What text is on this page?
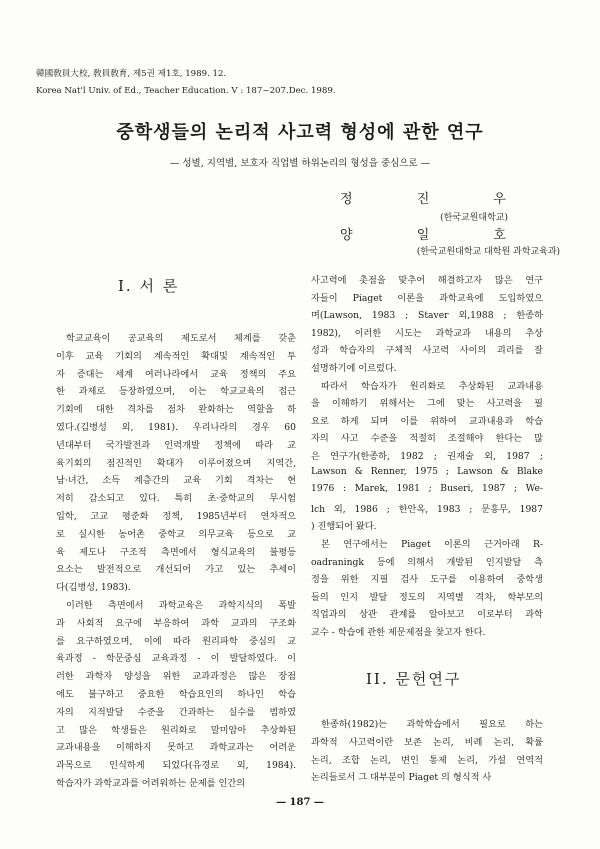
韓國敎員大校, 敎員敎育, 제5권 제1호, 1989. 12.
Korea Nat'l Univ. of Ed., Teacher Education. V : 187~207.Dec. 1989.
중학생들의 논리적 사고력 형성에 관한 연구
— 성별, 지역별, 보호자 직업별 하위논리의 형성을 중심으로 —
정 진 우
(한국교원대학교)
양 일 호
(한국교원대학교 대학원 과학교육과)
I. 서 론
II. 문헌연구
학교교육이 공교육의 제도로서 체계를 갖춘
이후 교육 기회의 계속적인 확대및 계속적인 투
자 증대는 세계 여러나라에서 교육 정책의 주요
한 과제로 등장하였으며, 이는 학교교육의 접근
기회에 대한 격차를 점차 완화하는 역할을 하
였다.(김병성 외, 1981). 우리나라의 경우 60
년대부터 국가발전과 인력개발 정책에 따라 교
육기회의 점진적인 확대가 이루어졌으며 지역간,
남·녀간, 소득 계층간의 교육 기회 격차는 현
저히 감소되고 있다. 특히 초·중학교의 무시험
입학, 고교 평준화 정책, 1985년부터 연차적으
로 실시한 농어촌 중학교 의무교육 등으로 교
육 제도나 구조적 측면에서 형식교육의 불평등
요소는 발전적으로 개선되어 가고 있는 추세이
다(김병성, 1983).
이러한 측면에서 과학교육은 과학지식의 폭발
과 사회적 요구에 부응하여 과학 교과의 구조화
를 요구하였으며, 이에 따라 원리파학 중심의 교
육과정 - 학문중심 교육과정 - 이 발달하였다. 이
러한 과학자 양성을 위한 교과과정은 많은 장점
에도 불구하고 중요한 학습요인의 하나인 학습
자의 지적발달 수준을 간과하는 실수를 범하였
고 많은 학생들은 원리화로 말미암아 추상화된
교과내용을 이해하지 못하고 과학교과는 어려운
과목으로 인식하게 되었다(유경로 외, 1984).
학습자가 과학교과를 어려워하는 문제를 인간의
사고력에 촛점을 맞추어 해결하고자 많은 연구
자들이 Piaget 이론을 과학교육에 도입하였으
며(Lawson, 1983 ; Staver 외,1988 ; 한종하
1982), 이러한 시도는 과학교과 내용의 추상
성과 학습자의 구체적 사고력 사이의 괴리를 잘
설명하기에 이르렀다.
따라서 학습자가 원리화로 추상화된 교과내용
을 이해하기 위해서는 그에 맞는 사고력을 필
요로 하게 되며 이를 위하여 교과내용과 학습
자의 사고 수준을 적절히 조절해야 한다는 많
은 연구가(한종하, 1982 ; 권재술 외, 1987 ;
Lawson & Renner, 1975 ; Lawson & Blake
1976 : Marek, 1981 ; Buseri, 1987 ; We-
lch 외, 1986 ; 한안옥, 1983 ; 문흥무, 1987
) 진행되어 왔다.
본 연구에서는 Piaget 이론의 근거아래 R-
oadraningk 등에 의해서 개발된 인지발달 측
정을 위한 지필 검사 도구를 이용하여 중학생
들의 인지 발달 정도의 지역별 격차, 학부모의
직업과의 상관 관계를 알아보고 이로부터 과학
교수 - 학습에 관한 제문제점을 찾고자 한다.
한종하(1982)는 과학학습에서 필요로 하는
과학적 사고력이란 보존 논리, 비례 논리, 확률
논리, 조합 논리, 변인 통제 논리, 가설 연역적
논리들로서 그 대부분이 Piaget 의 형식적 사
— 187 —
